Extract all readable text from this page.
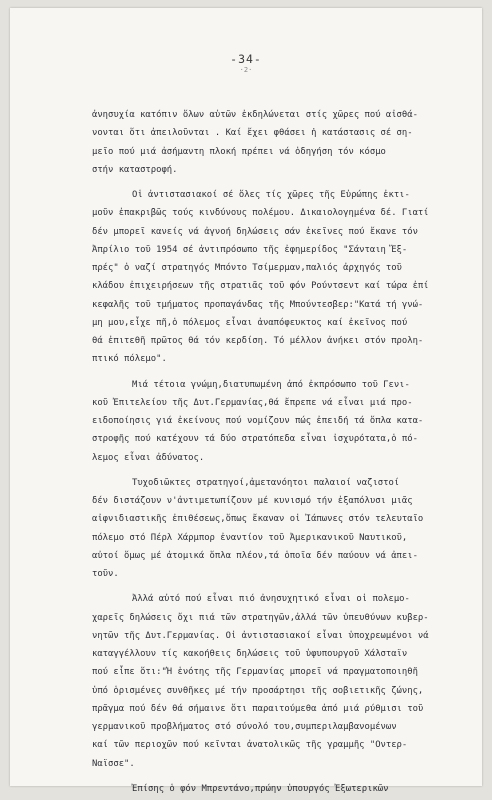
-34-
·2·
ἀνησυχία κατόπιν ὅλων αὐτῶν ἐκδηλώνεται στίς χῶρες πού αἰσθά-
νονται ὅτι ἀπειλοῦνται . Καί ἔχει φθάσει ἡ κατάστασις σέ ση-
μεῖο πού μιά ἀσήμαντη πλοκή πρέπει νά ὁδηγήση τόν κόσμο
στήν καταστροφή.
Οἱ ἀντιστασιακοί σέ ὅλες τίς χῶρες τῆς Εὐρώπης ἐκτι-
μοῦν ἐπακριβῶς τούς κινδύνους πολέμου. Δικαιολογημένα δέ. Γιατί
δέν μπορεῖ κανείς νά ἀγνοή δηλώσεις σάν ἐκεῖνες πού ἔκανε τόν
Ἀπρίλιο τοῦ 1954 σέ ἀντιπρόσωπο τῆς ἐφημερίδος "Σάνταιη Ἔξ-
πρές" ὁ ναζί στρατηγός Μπόντο Τσίμερμαν,παλιός ἀρχηγός τοῦ
κλάδου ἐπιχειρήσεων τῆς στρατιᾶς τοῦ φόν Ρούντσεντ καί τώρα ἐπί
κεφαλῆς τοῦ τμήματος προπαγάνδας τῆς Μπούντεσβερ:"Κατά τή γνώ-
μη μου,εἶχε πῆ,ὁ πόλεμος εἶναι ἀναπόφευκτος καί ἐκεῖνος πού
θά ἐπιτεθῆ πρῶτος θά τόν κερδίση. Τό μέλλον ἀνήκει στόν προλη-
πτικό πόλεμο".
Μιά τέτοια γνώμη,διατυπωμένη ἀπό ἐκπρόσωπο τοῦ Γενι-
κοῦ Ἐπιτελείου τῆς Δυτ.Γερμανίας,θά ἔπρεπε νά εἶναι μιά προ-
ειδοποίησις γιά ἐκείνους πού νομίζουν πώς ἐπειδή τά ὅπλα κατα-
στροφῆς πού κατέχουν τά δύο στρατόπεδα εἶναι ἰσχυρότατα,ὁ πό-
λεμος εἶναι ἀδύνατος.
Τυχοδιῶκτες στρατηγοί,ἀμετανόητοι παλαιοί ναζιστοί
δέν διστάζουν ν'ἀντιμετωπίζουν μέ κυνισμό τήν ἐξαπόλυσι μιᾶς
αἰφνιδιαστικῆς ἐπιθέσεως,ὅπως ἔκαναν οἱ Ἰάπωνες στόν τελευταῖο
πόλεμο στό Πέρλ Χάρμπορ ἐναντίον τοῦ Ἀμερικανικοῦ Ναυτικοῦ,
αὐτοί ὅμως μέ ἀτομικά ὅπλα πλέον,τά ὁποῖα δέν παύουν νά ἀπει-
τοῦν.
Ἀλλά αὐτό πού εἶναι πιό ἀνησυχητικό εἶναι οἱ πολεμο-
χαρεῖς δηλώσεις ὄχι πιά τῶν στρατηγῶν,ἀλλά τῶν ὑπευθύνων κυβερ-
νητῶν τῆς Δυτ.Γερμανίας. Οἱ ἀντιστασιακοί εἶναι ὑποχρεωμένοι νά
καταγγέλλουν τίς κακοήθεις δηλώσεις τοῦ ὑφυπουργοῦ Χάλσταϊν
πού εἶπε ὅτι:"Ἡ ἑνότης τῆς Γερμανίας μπορεῖ νά πραγματοποιηθῆ
ὑπό ὁρισμένες συνθῆκες μέ τήν προσάρτησι τῆς σοβιετικῆς ζώνης,
πρᾶγμα πού δέν θά σήμαινε ὅτι παραιτούμεθα ἀπό μιά ρύθμισι τοῦ
γερμανικοῦ προβλήματος στό σύνολό του,συμπεριλαμβανομένων
καί τῶν περιοχῶν πού κεῖνται ἀνατολικῶς τῆς γραμμῆς "Οντερ-
Ναϊσσε".
Ἐπίσης ὁ φόν Μπρεντάνο,πρώην ὑπουργός Ἐξωτερικῶν
